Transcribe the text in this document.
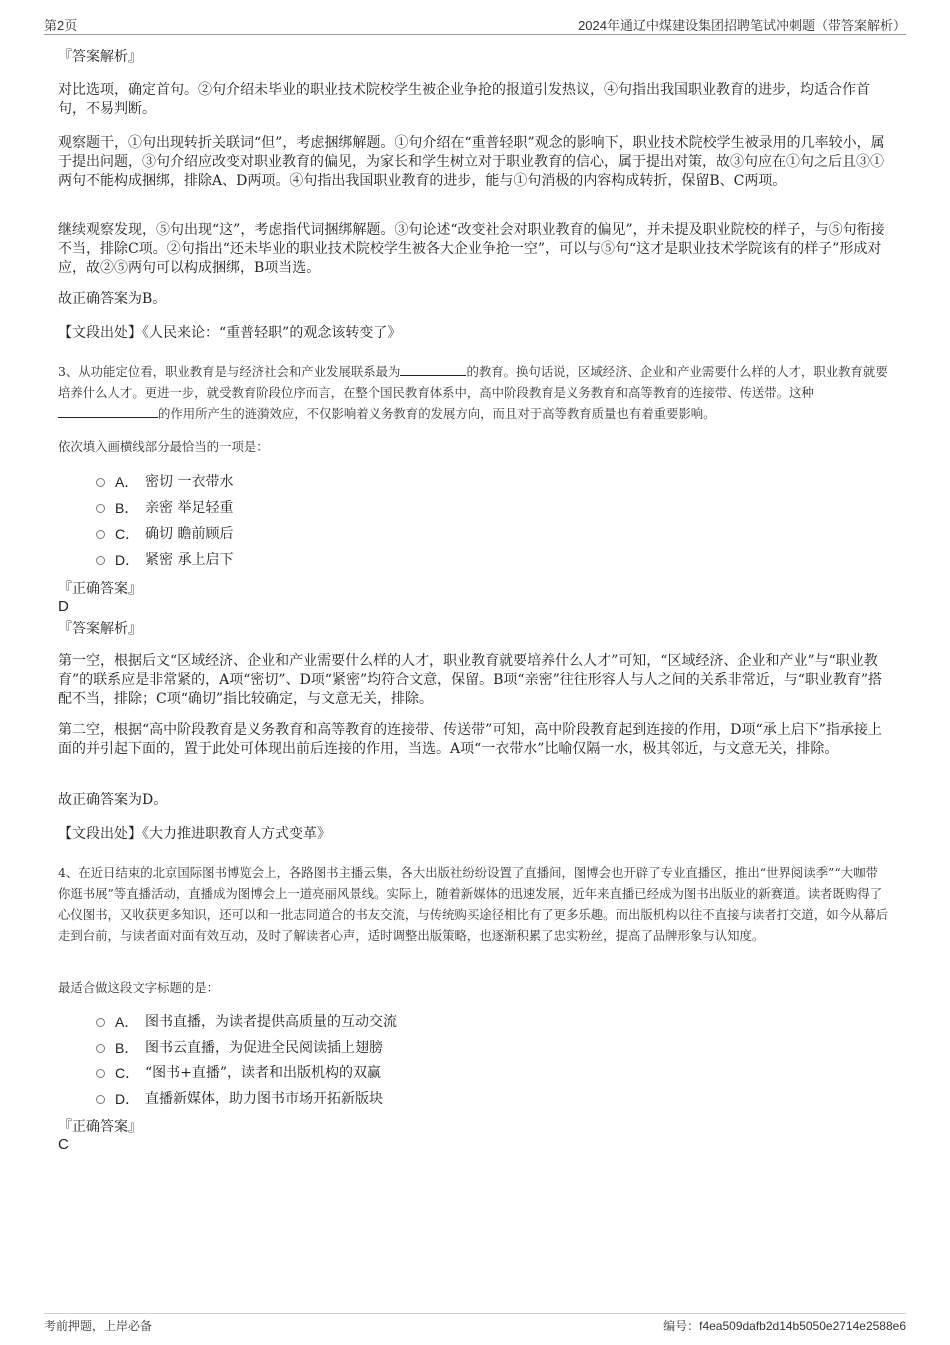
第2页	2024年通辽中煤建设集团招聘笔试冲刺题（带答案解析）
『答案解析』
对比选项，确定首句。②句介绍未毕业的职业技术院校学生被企业争抢的报道引发热议，④句指出我国职业教育的进步，均适合作首句，不易判断。
观察题干，①句出现转折关联词“但”，考虑捆绑解题。①句介绍在“重普轻职”观念的影响下，职业技术院校学生被录用的几率较小，属于提出问题，③句介绍应改变对职业教育的偏见，为家长和学生树立对于职业教育的信心，属于提出对策，故③句应在①句之后且③①两句不能构成捆绑，排除A、D两项。④句指出我国职业教育的进步，能与①句消极的内容构成转折，保留B、C两项。
继续观察发现，⑤句出现“这”，考虑指代词捆绑解题。③句论述“改变社会对职业教育的偏见”，并未提及职业院校的样子，与⑤句衔接不当，排除C项。②句指出“还未毕业的职业技术院校学生被各大企业争抢一空”，可以与⑤句“这才是职业技术学院该有的样子”形成对应，故②⑤两句可以构成捆绑，B项当选。
故正确答案为B。
【文段出处】《人民来论：“重普轻职”的观念该转变了》
3、从功能定位看，职业教育是与经济社会和产业发展联系最为	的教育。换句话说，区域经济、企业和产业需要什么样的人才，职业教育就要培养什么人才。更进一步，就受教育阶段位序而言，在整个国民教育体系中，高中阶段教育是义务教育和高等教育的连接带、传送带。这种的作用所产生的涟漪效应，不仅影响着义务教育的发展方向，而且对于高等教育质量也有着重要影响。
依次填入画横线部分最恰当的一项是：
A． 密切 一衣带水
B． 亲密 举足轻重
C． 确切 瞻前顾后
D． 紧密 承上启下
『正确答案』
D
『答案解析』
第一空，根据后文“区域经济、企业和产业需要什么样的人才，职业教育就要培养什么人才”可知，“区域经济、企业和产业”与“职业教育”的联系应是非常紧的，A项“密切”、D项“紧密”均符合文意，保留。B项“亲密”往往形容人与人之间的关系非常近，与“职业教育”搭配不当，排除；C项“确切”指比较确定，与文意无关，排除。
第二空，根据“高中阶段教育是义务教育和高等教育的连接带、传送带”可知，高中阶段教育起到连接的作用，D项“承上启下”指承接上面的并引起下面的，置于此处可体现出前后连接的作用，当选。A项“一衣带水”比喻仅隔一水，极其邻近，与文意无关，排除。
故正确答案为D。
【文段出处】《大力推进职教育人方式变革》
4、在近日结束的北京国际图书博览会上，各路图书主播云集，各大出版社纷纷设置了直播间，图博会也开辟了专业直播区，推出“世界阅读季”“大咖带你逛书展”等直播活动，直播成为图博会上一道亮丽风景线。实际上，随着新媒体的迅速发展，近年来直播已经成为图书出版业的新赛道。读者既购得了心仪图书，又收获更多知识，还可以和一批志同道合的书友交流，与传统购买途径相比有了更多乐趣。而出版机构以往不直接与读者打交道，如今从幕后走到台前，与读者面对面有效互动，及时了解读者心声，适时调整出版策略，也逐渐积累了忠实粉丝，提高了品牌形象与认知度。
最适合做这段文字标题的是：
A． 图书直播，为读者提供高质量的互动交流
B． 图书云直播，为促进全民阅读插上翅膀
C． “图书+直播”，读者和出版机构的双赢
D． 直播新媒体，助力图书市场开拓新版块
『正确答案』
C
考前押题，上岸必备	编号：f4ea509dafb2d14b5050e2714e2588e6
